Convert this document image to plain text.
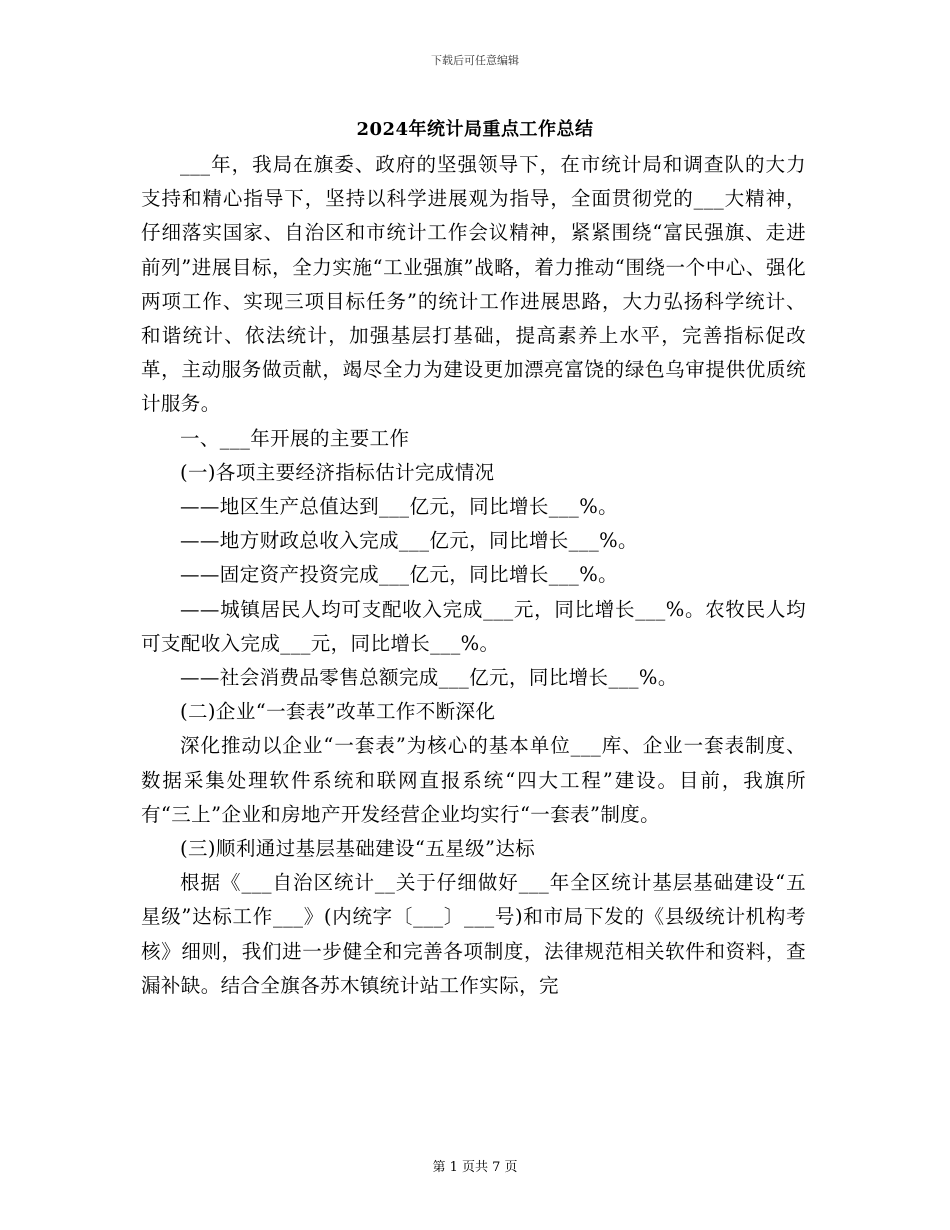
下载后可任意编辑
2024年统计局重点工作总结

___年，我局在旗委、政府的坚强领导下，在市统计局和调查队的大力支持和精心指导下，坚持以科学进展观为指导，全面贯彻党的___大精神，仔细落实国家、自治区和市统计工作会议精神，紧紧围绕“富民强旗、走进前列”进展目标，全力实施“工业强旗”战略，着力推动“围绕一个中心、强化两项工作、实现三项目标任务”的统计工作进展思路，大力弘扬科学统计、和谐统计、依法统计，加强基层打基础，提高素养上水平，完善指标促改革，主动服务做贡献，竭尽全力为建设更加漂亮富饶的绿色乌审提供优质统计服务。

一、___年开展的主要工作

(一)各项主要经济指标估计完成情况

——地区生产总值达到___亿元，同比增长___%。

——地方财政总收入完成___亿元，同比增长___%。

——固定资产投资完成___亿元，同比增长___%。

——城镇居民人均可支配收入完成___元，同比增长___%。农牧民人均可支配收入完成___元，同比增长___%。

——社会消费品零售总额完成___亿元，同比增长___%。

(二)企业“一套表”改革工作不断深化

深化推动以企业“一套表”为核心的基本单位___库、企业一套表制度、数据采集处理软件系统和联网直报系统“四大工程”建设。目前，我旗所有“三上”企业和房地产开发经营企业均实行“一套表”制度。

(三)顺利通过基层基础建设“五星级”达标

根据《___自治区统计__关于仔细做好___年全区统计基层基础建设“五星级”达标工作___》(内统字〔___〕___号)和市局下发的《县级统计机构考核》细则，我们进一步健全和完善各项制度，法律规范相关软件和资料，查漏补缺。结合全旗各苏木镇统计站工作实际，完

第 1 页共 7 页
